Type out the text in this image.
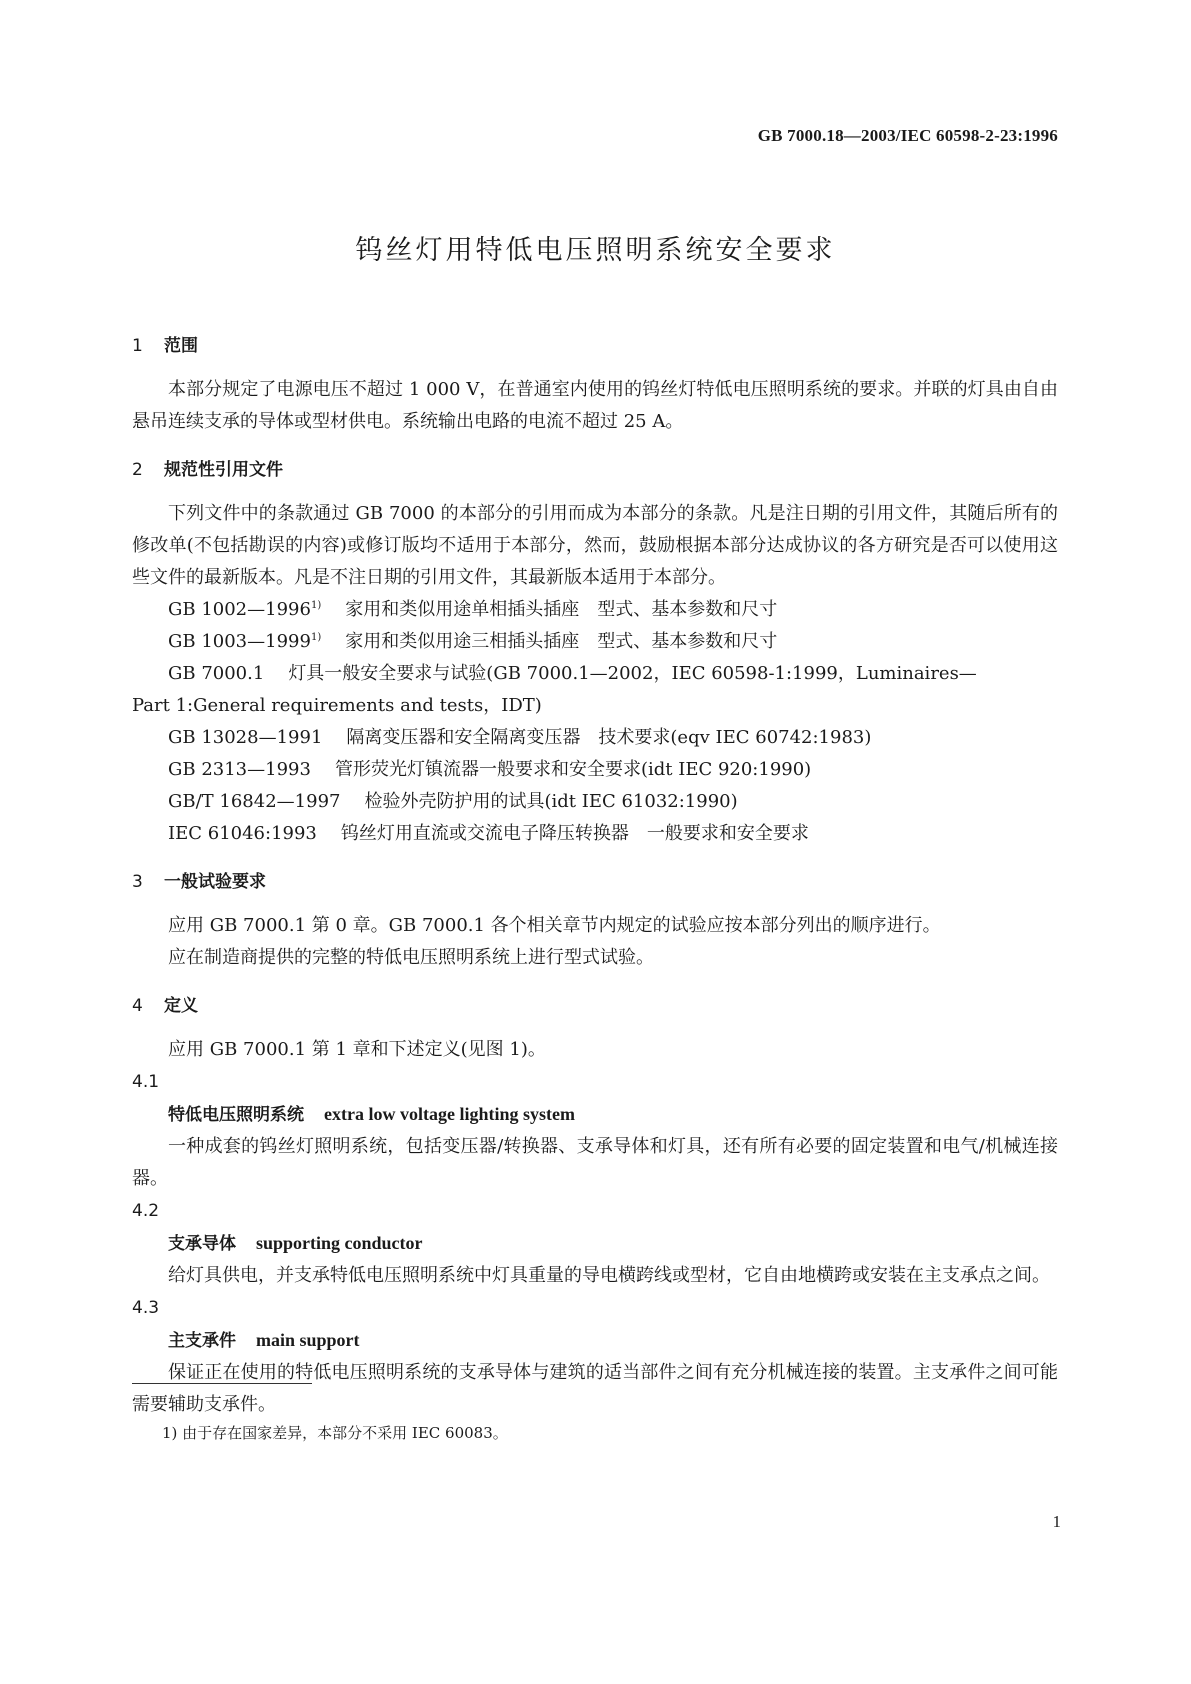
GB 7000.18—2003/IEC 60598-2-23:1996
钨丝灯用特低电压照明系统安全要求
1 范围

本部分规定了电源电压不超过 1 000 V，在普通室内使用的钨丝灯特低电压照明系统的要求。并联的灯具由自由悬吊连续支承的导体或型材供电。系统输出电路的电流不超过 25 A。

2 规范性引用文件

下列文件中的条款通过 GB 7000 的本部分的引用而成为本部分的条款。凡是注日期的引用文件，其随后所有的修改单(不包括勘误的内容)或修订版均不适用于本部分，然而，鼓励根据本部分达成协议的各方研究是否可以使用这些文件的最新版本。凡是不注日期的引用文件，其最新版本适用于本部分。

GB 1002—1996$^{1)}$ 家用和类似用途单相插头插座　型式、基本参数和尺寸

GB 1003—1999$^{1)}$ 家用和类似用途三相插头插座　型式、基本参数和尺寸

GB 7000.1 灯具一般安全要求与试验(GB 7000.1—2002，IEC 60598-1:1999，Luminaires—
Part 1:General requirements and tests，IDT)

GB 13028—1991 隔离变压器和安全隔离变压器　技术要求(eqv IEC 60742:1983)

GB 2313—1993 管形荧光灯镇流器一般要求和安全要求(idt IEC 920:1990)

GB/T 16842—1997 检验外壳防护用的试具(idt IEC 61032:1990)

IEC 61046:1993 钨丝灯用直流或交流电子降压转换器　一般要求和安全要求

3 一般试验要求

应用 GB 7000.1 第 0 章。GB 7000.1 各个相关章节内规定的试验应按本部分列出的顺序进行。

应在制造商提供的完整的特低电压照明系统上进行型式试验。

4 定义

应用 GB 7000.1 第 1 章和下述定义(见图 1)。

4.1

特低电压照明系统 extra low voltage lighting system

一种成套的钨丝灯照明系统，包括变压器/转换器、支承导体和灯具，还有所有必要的固定装置和电气/机械连接器。

4.2

支承导体 supporting conductor

给灯具供电，并支承特低电压照明系统中灯具重量的导电横跨线或型材，它自由地横跨或安装在主支承点之间。

4.3

主支承件 main support

保证正在使用的特低电压照明系统的支承导体与建筑的适当部件之间有充分机械连接的装置。主支承件之间可能需要辅助支承件。

1) 由于存在国家差异，本部分不采用 IEC 60083。
1
